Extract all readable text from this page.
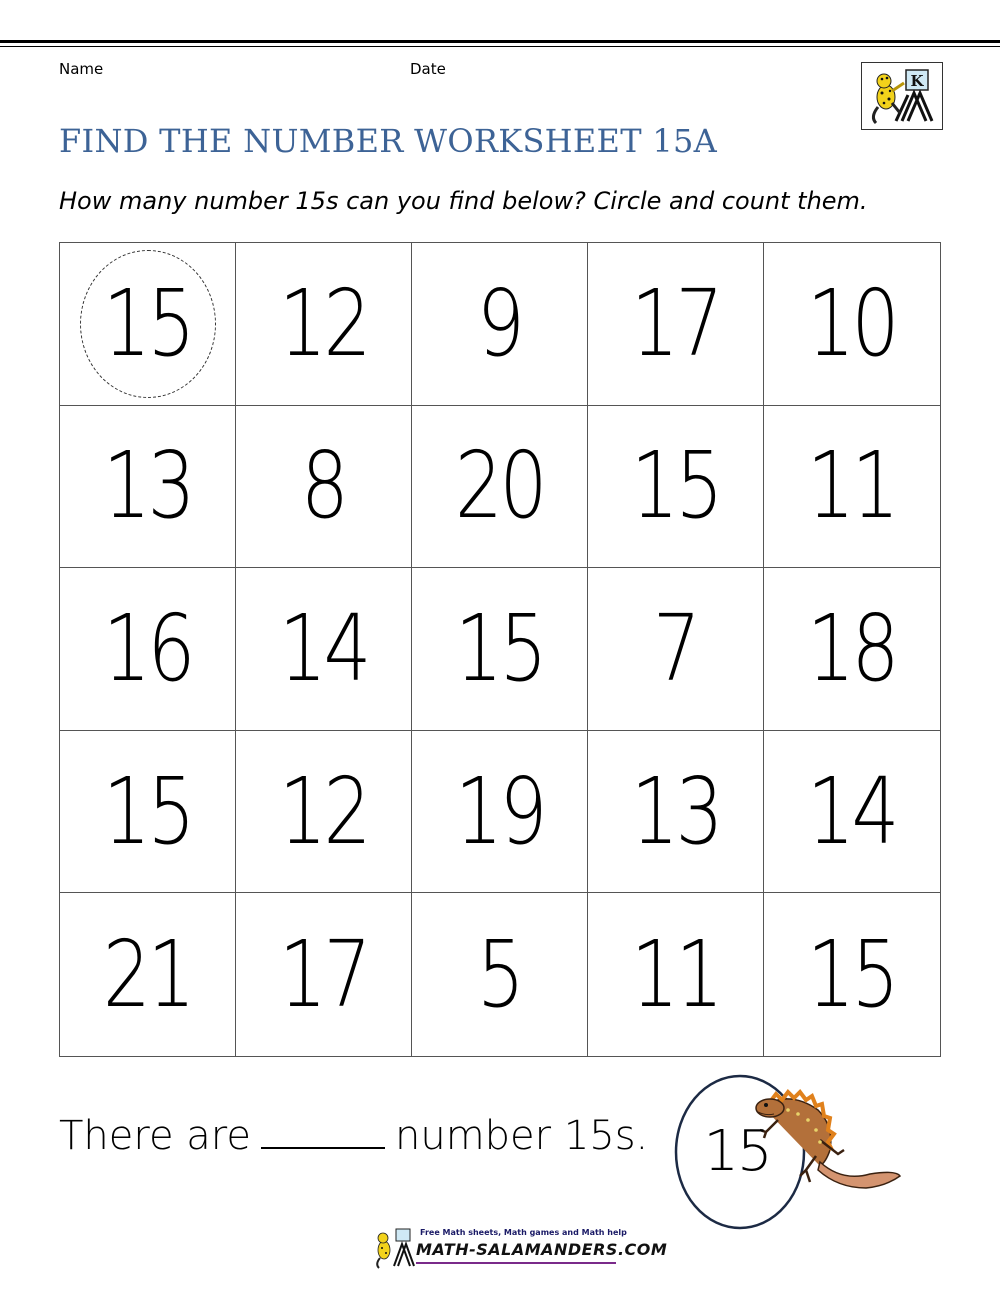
Name	Date
K
FIND THE NUMBER WORKSHEET 15A
How many number 15s can you find below? Circle and count them.
15 12 9 17 10
13 8 20 15 11
16 14 15 7 18
15 12 19 13 14
21 17 5 11 15
There are	number 15s. 15
Free Math sheets, Math games and Math help
MATH-SALAMANDERS.COM
